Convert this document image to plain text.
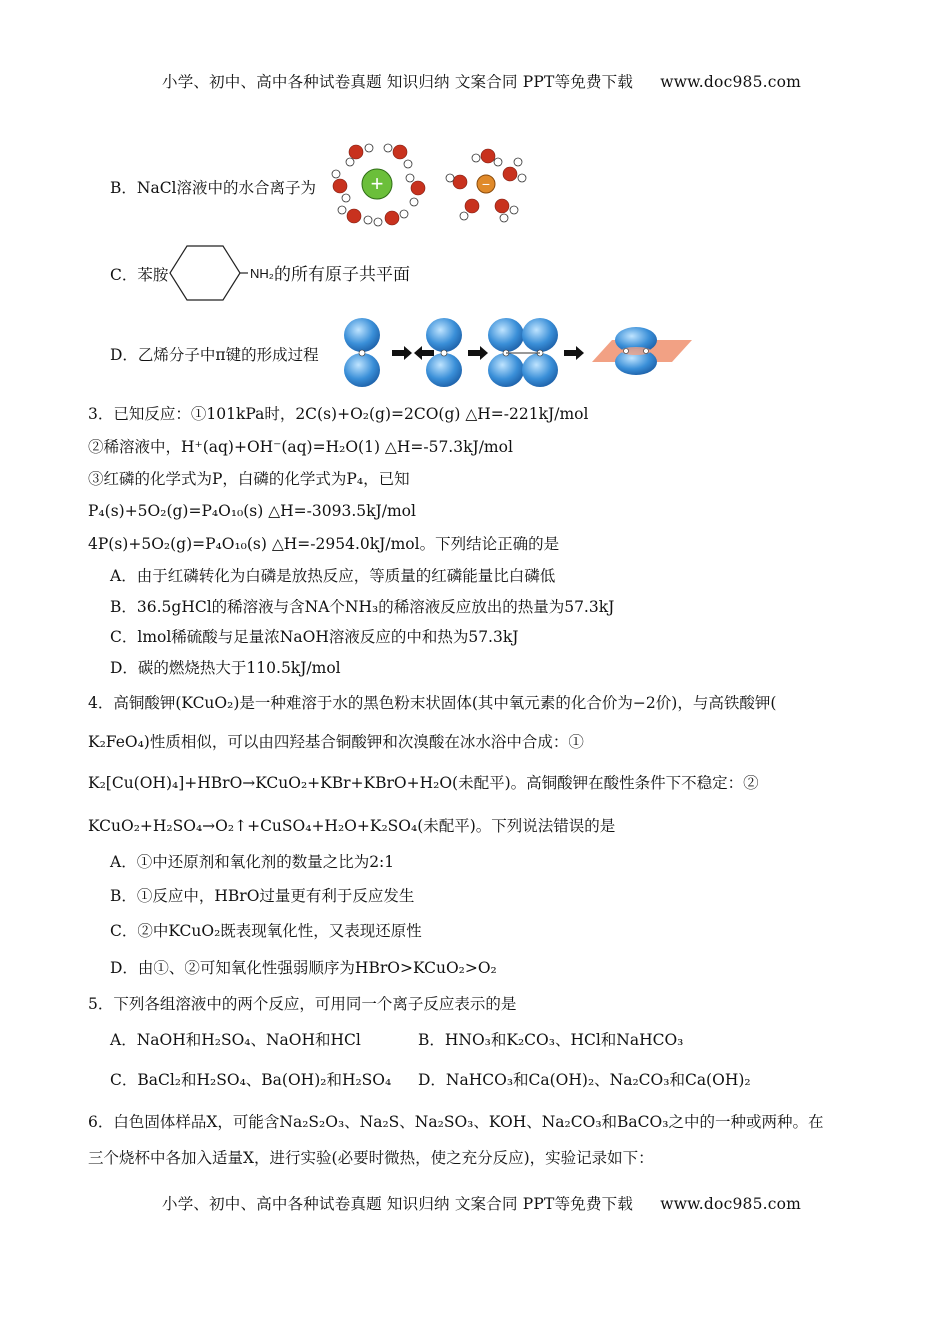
小学、初中、高中各种试卷真题 知识归纳 文案合同 PPT等免费下载 www.doc985.com
B．NaCl溶液中的水合离子为 +	−
C．苯胺	NH₂ 的所有原子共平面
D．乙烯分子中π键的形成过程
3．已知反应：①101kPa时，2C(s)+O₂(g)=2CO(g) △H=-221kJ/mol
②稀溶液中，H⁺(aq)+OH⁻(aq)=H₂O(1) △H=-57.3kJ/mol
③红磷的化学式为P，白磷的化学式为P₄，已知
P₄(s)+5O₂(g)=P₄O₁₀(s) △H=-3093.5kJ/mol
4P(s)+5O₂(g)=P₄O₁₀(s) △H=-2954.0kJ/mol。下列结论正确的是
A．由于红磷转化为白磷是放热反应，等质量的红磷能量比白磷低
B．36.5gHCl的稀溶液与含NA个NH₃的稀溶液反应放出的热量为57.3kJ
C．lmol稀硫酸与足量浓NaOH溶液反应的中和热为57.3kJ
D．碳的燃烧热大于110.5kJ/mol
4．高铜酸钾(KCuO₂)是一种难溶于水的黑色粉末状固体(其中氧元素的化合价为−2价)，与高铁酸钾(
K₂FeO₄)性质相似，可以由四羟基合铜酸钾和次溴酸在冰水浴中合成：①
K₂[Cu(OH)₄]+HBrO→KCuO₂+KBr+KBrO+H₂O(未配平)。高铜酸钾在酸性条件下不稳定：②
KCuO₂+H₂SO₄→O₂↑+CuSO₄+H₂O+K₂SO₄(未配平)。下列说法错误的是
A．①中还原剂和氧化剂的数量之比为2:1
B．①反应中，HBrO过量更有利于反应发生
C．②中KCuO₂既表现氧化性，又表现还原性
D．由①、②可知氧化性强弱顺序为HBrO>KCuO₂>O₂
5．下列各组溶液中的两个反应，可用同一个离子反应表示的是
A．NaOH和H₂SO₄、NaOH和HCl	B．HNO₃和K₂CO₃、HCl和NaHCO₃
C．BaCl₂和H₂SO₄、Ba(OH)₂和H₂SO₄ D．NaHCO₃和Ca(OH)₂、Na₂CO₃和Ca(OH)₂
6．白色固体样品X，可能含Na₂S₂O₃、Na₂S、Na₂SO₃、KOH、Na₂CO₃和BaCO₃之中的一种或两种。在
三个烧杯中各加入适量X，进行实验(必要时微热，使之充分反应)，实验记录如下：
小学、初中、高中各种试卷真题 知识归纳 文案合同 PPT等免费下载 www.doc985.com
